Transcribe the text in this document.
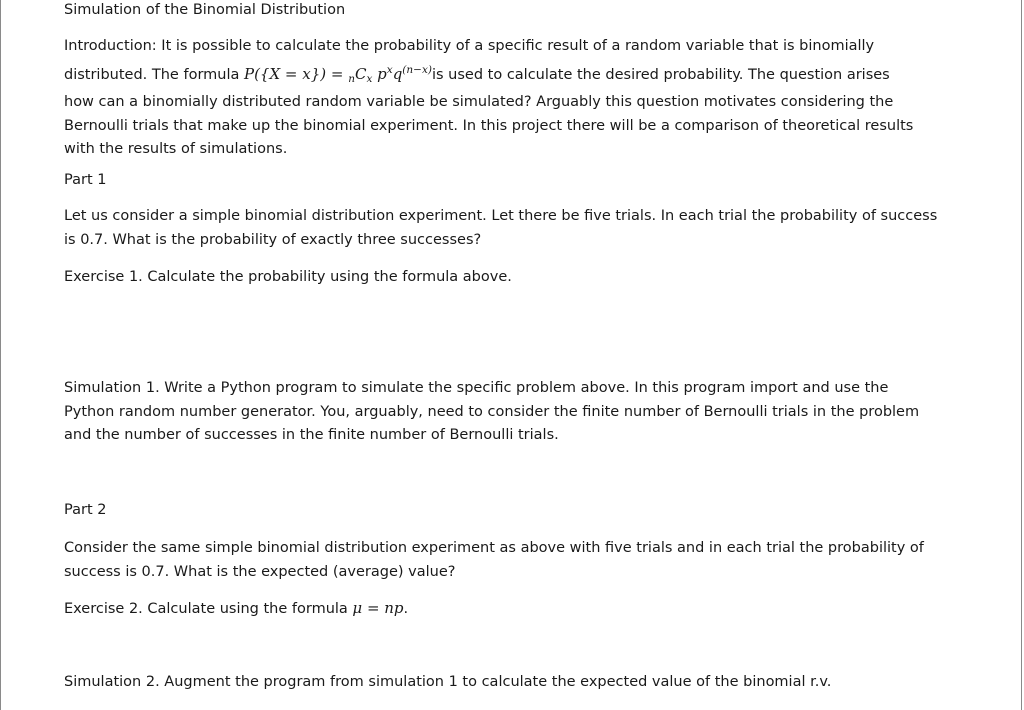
Simulation of the Binomial Distribution

Introduction: It is possible to calculate the probability of a specific result of a random variable that is binomially
distributed. The formula $P(\{X = x\}) = _nC_x$ $p^xq^{(n-x)}is$ used to calculate the desired probability. The question arises
how can a binomially distributed random variable be simulated? Arguably this question motivates considering the
Bernoulli trials that make up the binomial experiment. In this project there will be a comparison of theoretical results
with the results of simulations.

Part 1

Let us consider a simple binomial distribution experiment. Let there be five trials. In each trial the probability of success
is 0.7. What is the probability of exactly three successes?

Exercise 1. Calculate the probability using the formula above.

Simulation 1. Write a Python program to simulate the specific problem above. In this program import and use the
Python random number generator. You, arguably, need to consider the finite number of Bernoulli trials in the problem
and the number of successes in the finite number of Bernoulli trials.

Part 2

Consider the same simple binomial distribution experiment as above with five trials and in each trial the probability of
success is 0.7. What is the expected (average) value?

Exercise 2. Calculate using the formula μ = np.

Simulation 2. Augment the program from simulation 1 to calculate the expected value of the binomial r.v.
